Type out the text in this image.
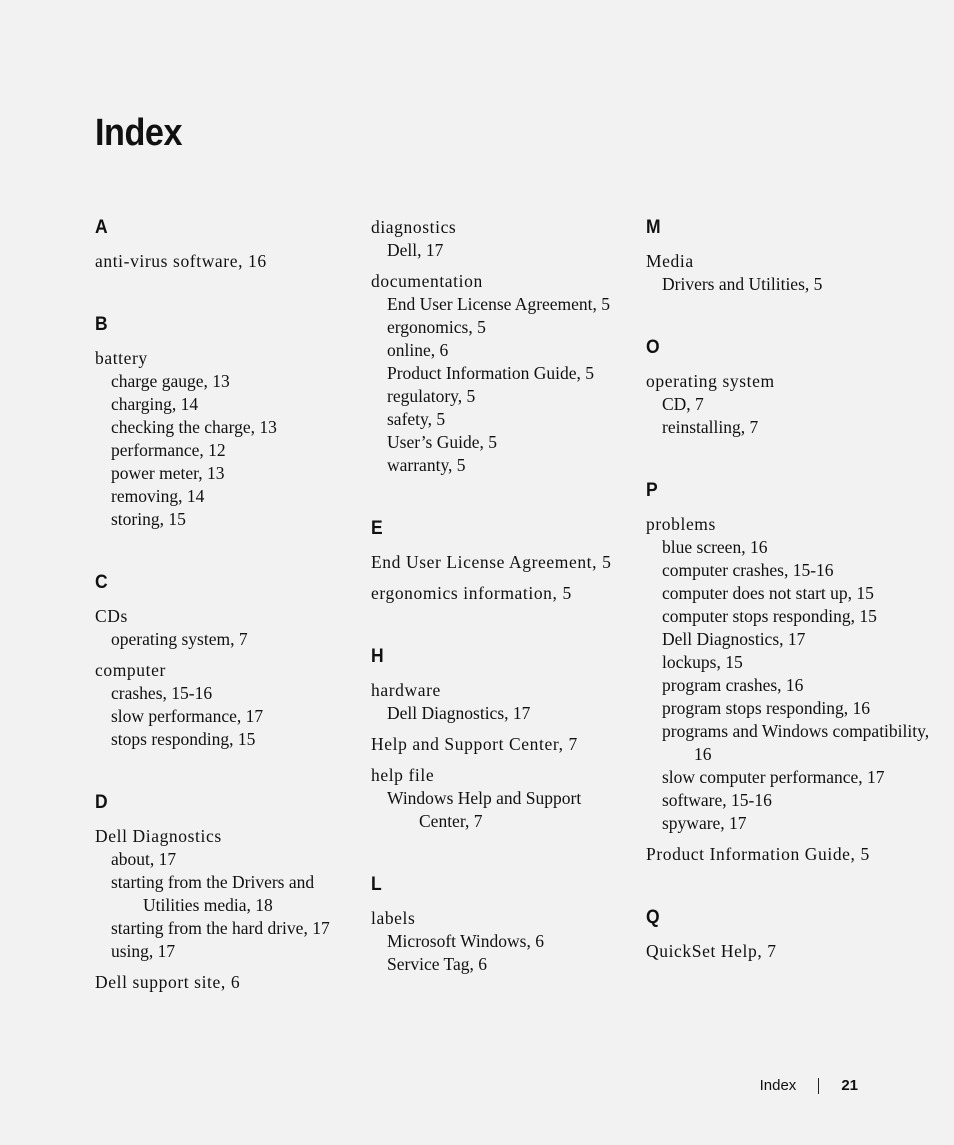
Index
A
anti-virus software, 16
B
battery
charge gauge, 13
charging, 14
checking the charge, 13
performance, 12
power meter, 13
removing, 14
storing, 15
C
CDs
operating system, 7
computer
crashes, 15-16
slow performance, 17
stops responding, 15
D
Dell Diagnostics
about, 17
starting from the Drivers and Utilities media, 18
starting from the hard drive, 17
using, 17
Dell support site, 6
diagnostics
Dell, 17
documentation
End User License Agreement, 5
ergonomics, 5
online, 6
Product Information Guide, 5
regulatory, 5
safety, 5
User’s Guide, 5
warranty, 5
E
End User License Agreement, 5
ergonomics information, 5
H
hardware
Dell Diagnostics, 17
Help and Support Center, 7
help file
Windows Help and Support Center, 7
L
labels
Microsoft Windows, 6
Service Tag, 6
M
Media
Drivers and Utilities, 5
O
operating system
CD, 7
reinstalling, 7
P
problems
blue screen, 16
computer crashes, 15-16
computer does not start up, 15
computer stops responding, 15
Dell Diagnostics, 17
lockups, 15
program crashes, 16
program stops responding, 16
programs and Windows compatibility, 16
slow computer performance, 17
software, 15-16
spyware, 17
Product Information Guide, 5
Q
QuickSet Help, 7
Index	21
